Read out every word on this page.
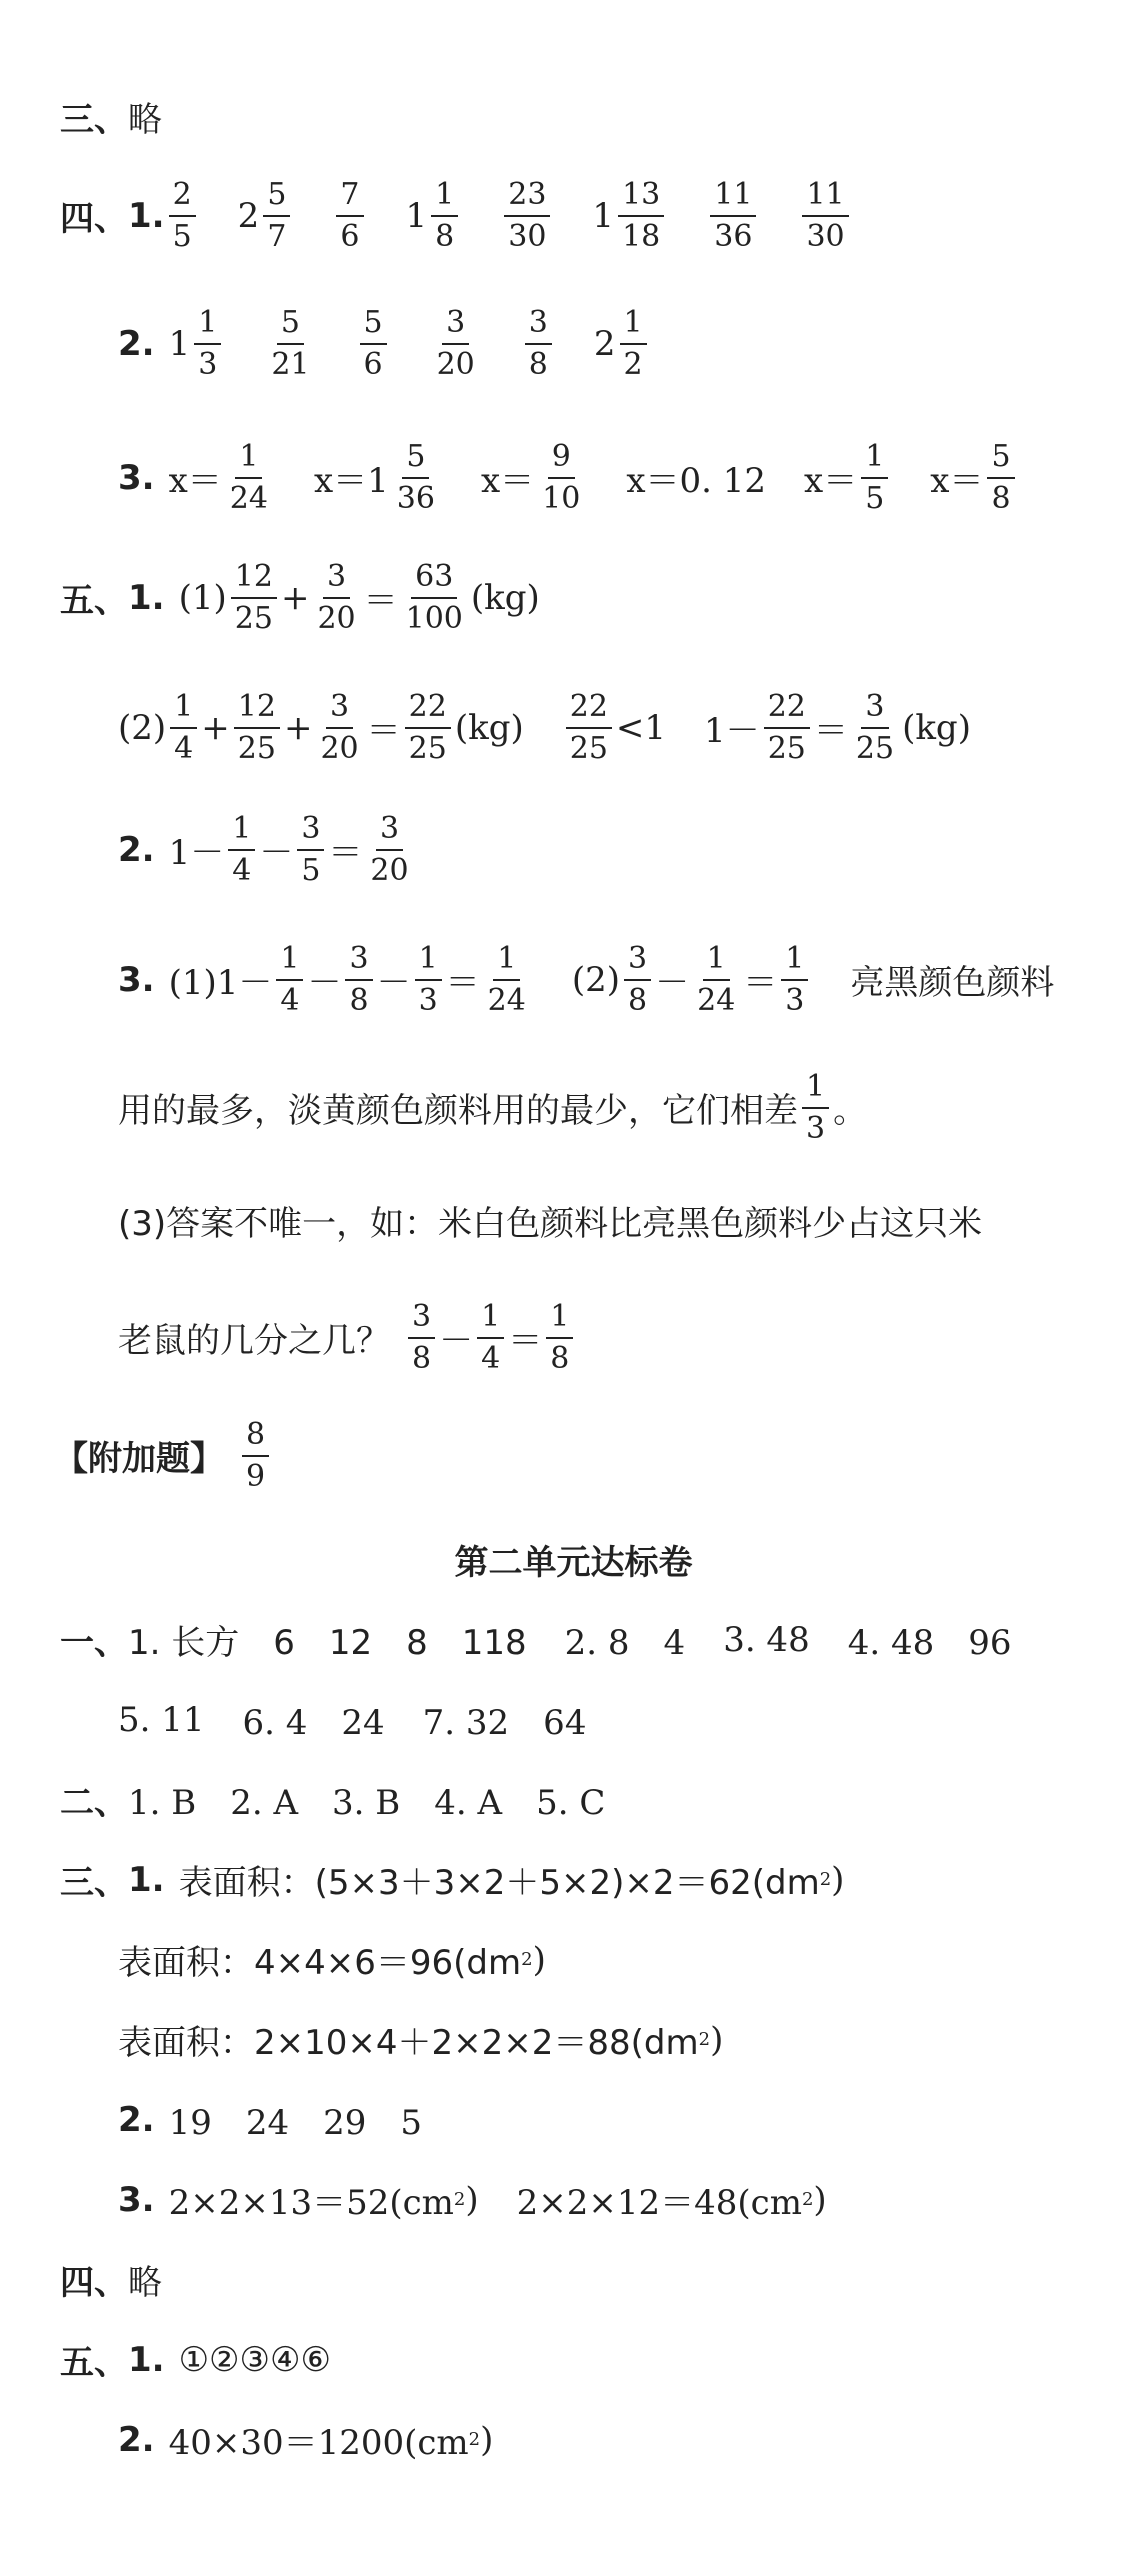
三、 略
四、 1. $\frac{2}{5} 2 \frac{5}{7} \frac{7}{6} 1 \frac{1}{8} \frac{23}{30} 1 \frac{13}{18} \frac{11}{36} \frac{11}{30}$
2. $1 \frac{1}{3} \frac{5}{21} \frac{5}{6} \frac{3}{20} \frac{3}{8} 2 \frac{1}{2}$
3. $x= \frac{1}{24} x=1 \frac{5}{36} x= \frac{9}{10} x=0$. 12 $x= \frac{1}{5} x= \frac{5}{8}$
五、 1. $(1) \frac{12}{25} + \frac{3}{20} = \frac{63}{100} (kg)$
$(2) \frac{1}{4} + \frac{12}{25} + \frac{3}{20} = \frac{22}{25} (kg) \frac{22}{25} <1$ $1- \frac{22}{25} = \frac{3}{25} (kg)$
2. $1- \frac{1}{4} - \frac{3}{5} = \frac{3}{20}$
3. $(1)1- \frac{1}{4} - \frac{3}{8} - \frac{1}{3} = \frac{1}{24} (2) \frac{3}{8} - \frac{1}{24} = \frac{1}{3}$ 亮黑颜色颜料
用的最多，淡黄颜色颜料用的最少，它们相差 $\frac{1}{3}$ 。
(3)答案不唯一，如：米白色颜料比亮黑色颜料少占这只米
老鼠的几分之几？ $\frac{3}{8} - \frac{1}{4} = \frac{1}{8}$
【附加题】 $\frac{8}{9}$
第二单元达标卷
一、 1. 长方　6　12　8　118 2. 8　4 3. 48 4. 48　96
5. 11 6. 4　24 7. 32　64
二、 1. B　2. A　3. B　4. A　5. C
三、 1. 表面积：(5×3＋3×2＋5×2)×2＝62(dm 2 )
表面积：4×4×6＝96(dm 2 )
表面积：2×10×4＋2×2×2＝88(dm 2 )
2. 19　24　29　5
3. 2×2×13＝52(cm 2 ) 2×2×12＝48(cm 2 )
四、 略
五、 1. ①②③④⑥
2. 40×30＝1200(cm 2 )
